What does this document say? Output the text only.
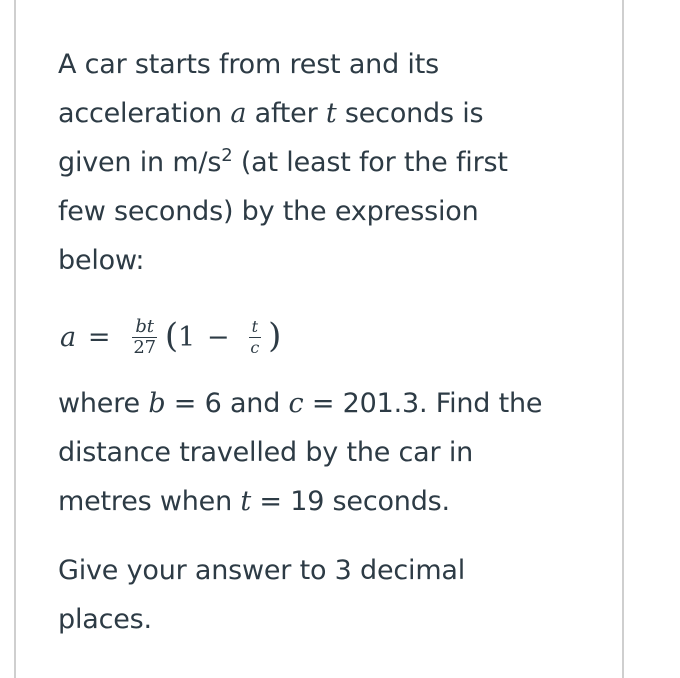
A car starts from rest and its
acceleration a after t seconds is
given in $m/s^2$ (at least for the first
few seconds) by the expression
below:

$a = \frac{bt}{27}$ ( $1 - \frac{t}{c}$ )

where b = 6 and c = 201.3. Find the
distance travelled by the car in
metres when t = 19 seconds.

Give your answer to 3 decimal
places.
